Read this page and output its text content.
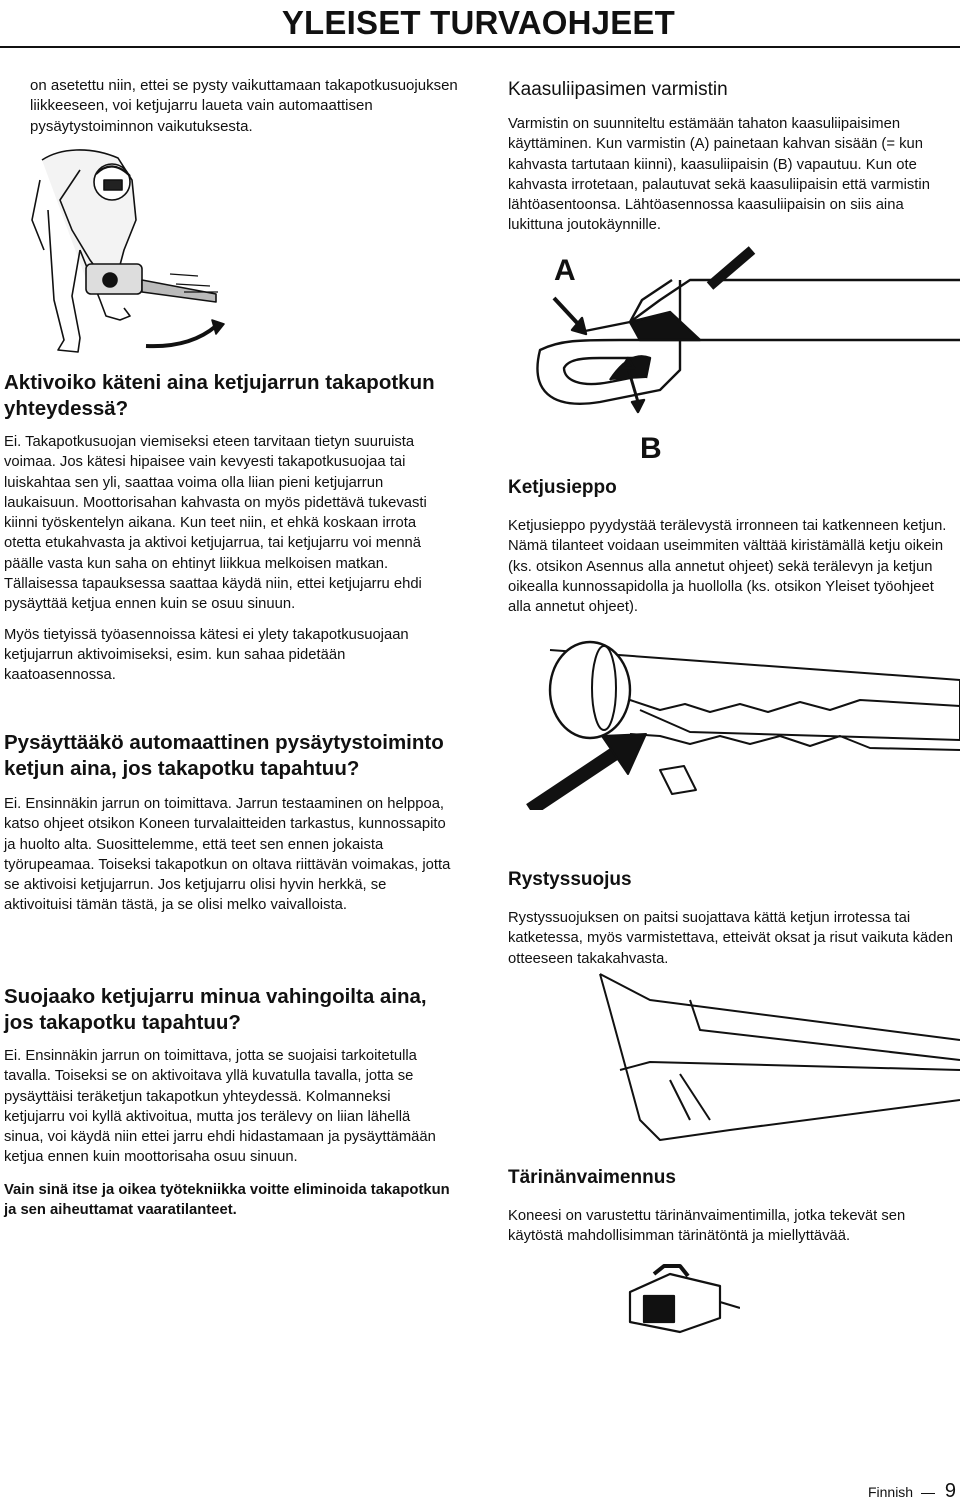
YLEISET TURVAOHJEET

on asetettu niin, ettei se pysty vaikuttamaan takapotkusuojuksen liikkeeseen, voi ketjujarru laueta vain automaattisen pysäytystoiminnon vaikutuksesta.

Aktivoiko käteni aina ketjujarrun takapotkun yhteydessä?

Ei. Takapotkusuojan viemiseksi eteen tarvitaan tietyn suuruista voimaa. Jos kätesi hipaisee vain kevyesti takapotkusuojaa tai luiskahtaa sen yli, saattaa voima olla liian pieni ketjujarrun laukaisuun. Moottorisahan kahvasta on myös pidettävä tukevasti kiinni työskentelyn aikana. Kun teet niin, et ehkä koskaan irrota otetta etukahvasta ja aktivoi ketjujarrua, tai ketjujarru voi mennä päälle vasta kun saha on ehtinyt liikkua melkoisen matkan. Tällaisessa tapauksessa saattaa käydä niin, ettei ketjujarru ehdi pysäyttää ketjua ennen kuin se osuu sinuun.

Myös tietyissä työasennoissa kätesi ei ylety takapotkusuojaan ketjujarrun aktivoimiseksi, esim. kun sahaa pidetään kaatoasennossa.

Pysäyttääkö automaattinen pysäytystoiminto ketjun aina, jos takapotku tapahtuu?

Ei. Ensinnäkin jarrun on toimittava. Jarrun testaaminen on helppoa, katso ohjeet otsikon Koneen turvalaitteiden tarkastus, kunnossapito ja huolto alta. Suosittelemme, että teet sen ennen jokaista työrupeamaa. Toiseksi takapotkun on oltava riittävän voimakas, jotta se aktivoisi ketjujarrun. Jos ketjujarru olisi hyvin herkkä, se aktivoituisi tämän tästä, ja se olisi melko vaivalloista.

Suojaako ketjujarru minua vahingoilta aina, jos takapotku tapahtuu?

Ei. Ensinnäkin jarrun on toimittava, jotta se suojaisi tarkoitetulla tavalla. Toiseksi se on aktivoitava yllä kuvatulla tavalla, jotta se pysäyttäisi teräketjun takapotkun yhteydessä. Kolmanneksi ketjujarru voi kyllä aktivoitua, mutta jos terälevy on liian lähellä sinua, voi käydä niin ettei jarru ehdi hidastamaan ja pysäyttämään ketjua ennen kuin moottorisaha osuu sinuun.

Vain sinä itse ja oikea työtekniikka voitte eliminoida takapotkun ja sen aiheuttamat vaaratilanteet.

Kaasuliipasimen varmistin

Varmistin on suunniteltu estämään tahaton kaasuliipaisimen käyttäminen. Kun varmistin (A) painetaan kahvan sisään (= kun kahvasta tartutaan kiinni), kaasuliipaisin (B) vapautuu. Kun ote kahvasta irrotetaan, palautuvat sekä kaasuliipaisin että varmistin lähtöasentoonsa. Lähtöasennossa kaasuliipaisin on siis aina lukittuna joutokäynnille.

A
B
Ketjusieppo

Ketjusieppo pyydystää terälevystä irronneen tai katkenneen ketjun. Nämä tilanteet voidaan useimmiten välttää kiristämällä ketju oikein (ks. otsikon Asennus alla annetut ohjeet) sekä terälevyn ja ketjun oikealla kunnossapidolla ja huollolla (ks. otsikon Yleiset työohjeet alla annetut ohjeet).

Rystyssuojus

Rystyssuojuksen on paitsi suojattava kättä ketjun irrotessa tai katketessa, myös varmistettava, etteivät oksat ja risut vaikuta käden otteeseen takakahvasta.

Tärinänvaimennus

Koneesi on varustettu tärinänvaimentimilla, jotka tekevät sen käytöstä mahdollisimman tärinätöntä ja miellyttävää.

Finnish 9
